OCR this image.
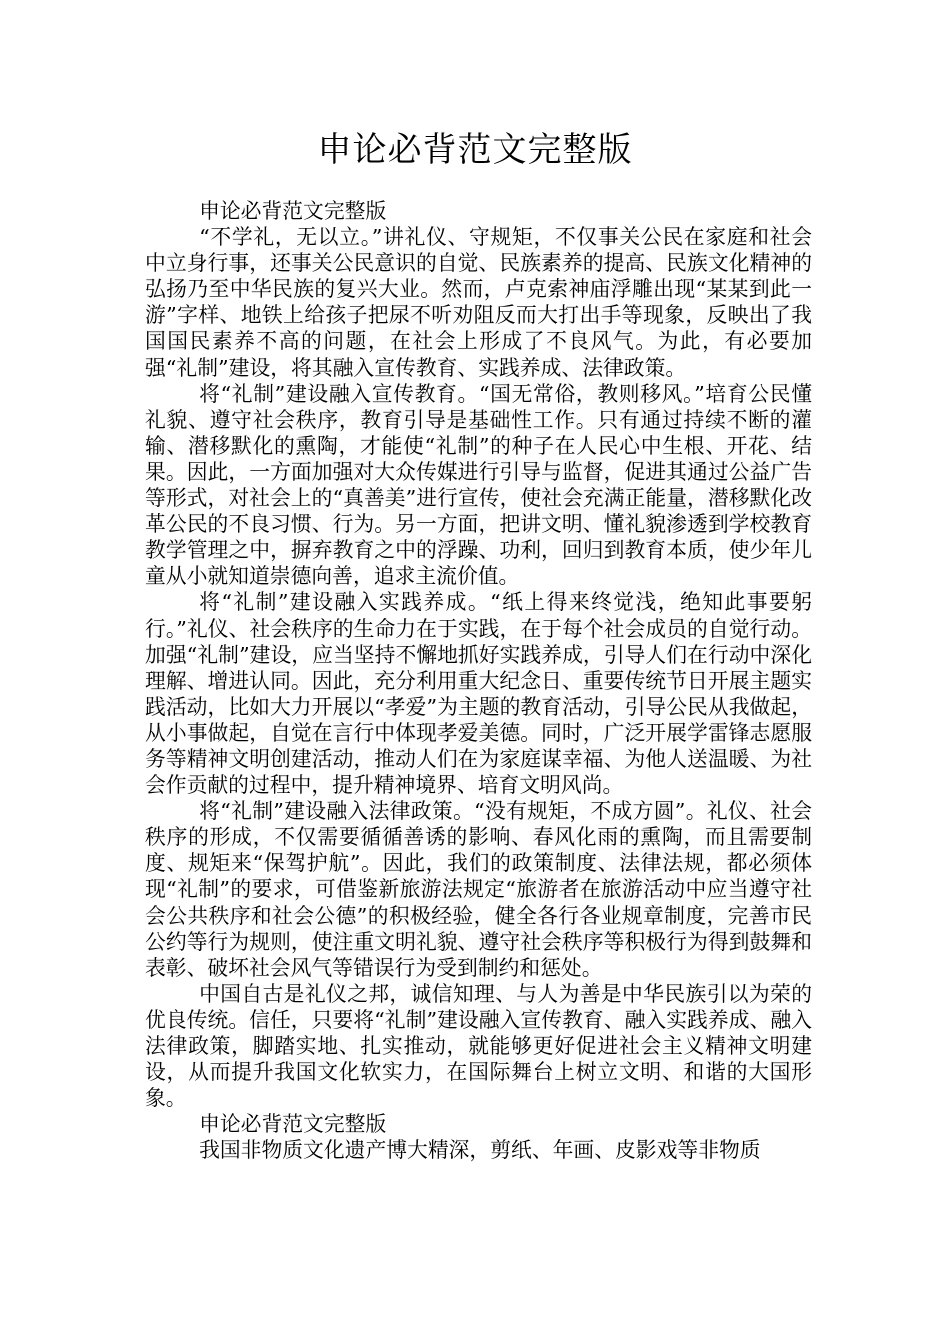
申论必背范文完整版

申论必背范文完整版

“不学礼，无以立。”讲礼仪、守规矩，不仅事关公民在家庭和社会中立身行事，还事关公民意识的自觉、民族素养的提高、民族文化精神的弘扬乃至中华民族的复兴大业。然而，卢克索神庙浮雕出现“某某到此一游”字样、地铁上给孩子把尿不听劝阻反而大打出手等现象，反映出了我国国民素养不高的问题，在社会上形成了不良风气。为此，有必要加强“礼制”建设，将其融入宣传教育、实践养成、法律政策。

将“礼制”建设融入宣传教育。“国无常俗，教则移风。”培育公民懂礼貌、遵守社会秩序，教育引导是基础性工作。只有通过持续不断的灌输、潜移默化的熏陶，才能使“礼制”的种子在人民心中生根、开花、结果。因此，一方面加强对大众传媒进行引导与监督，促进其通过公益广告等形式，对社会上的“真善美”进行宣传，使社会充满正能量，潜移默化改革公民的不良习惯、行为。另一方面，把讲文明、懂礼貌渗透到学校教育教学管理之中，摒弃教育之中的浮躁、功利，回归到教育本质，使少年儿童从小就知道崇德向善，追求主流价值。

将“礼制”建设融入实践养成。“纸上得来终觉浅，绝知此事要躬行。”礼仪、社会秩序的生命力在于实践，在于每个社会成员的自觉行动。加强“礼制”建设，应当坚持不懈地抓好实践养成，引导人们在行动中深化理解、增进认同。因此，充分利用重大纪念日、重要传统节日开展主题实践活动，比如大力开展以“孝爱”为主题的教育活动，引导公民从我做起，从小事做起，自觉在言行中体现孝爱美德。同时，广泛开展学雷锋志愿服务等精神文明创建活动，推动人们在为家庭谋幸福、为他人送温暖、为社会作贡献的过程中，提升精神境界、培育文明风尚。

将“礼制”建设融入法律政策。“没有规矩，不成方圆”。礼仪、社会秩序的形成，不仅需要循循善诱的影响、春风化雨的熏陶，而且需要制度、规矩来“保驾护航”。因此，我们的政策制度、法律法规，都必须体现“礼制”的要求，可借鉴新旅游法规定“旅游者在旅游活动中应当遵守社会公共秩序和社会公德”的积极经验，健全各行各业规章制度，完善市民公约等行为规则，使注重文明礼貌、遵守社会秩序等积极行为得到鼓舞和表彰、破坏社会风气等错误行为受到制约和惩处。

中国自古是礼仪之邦，诚信知理、与人为善是中华民族引以为荣的优良传统。信任，只要将“礼制”建设融入宣传教育、融入实践养成、融入法律政策，脚踏实地、扎实推动，就能够更好促进社会主义精神文明建设，从而提升我国文化软实力，在国际舞台上树立文明、和谐的大国形象。

申论必背范文完整版

我国非物质文化遗产博大精深，剪纸、年画、皮影戏等非物质
